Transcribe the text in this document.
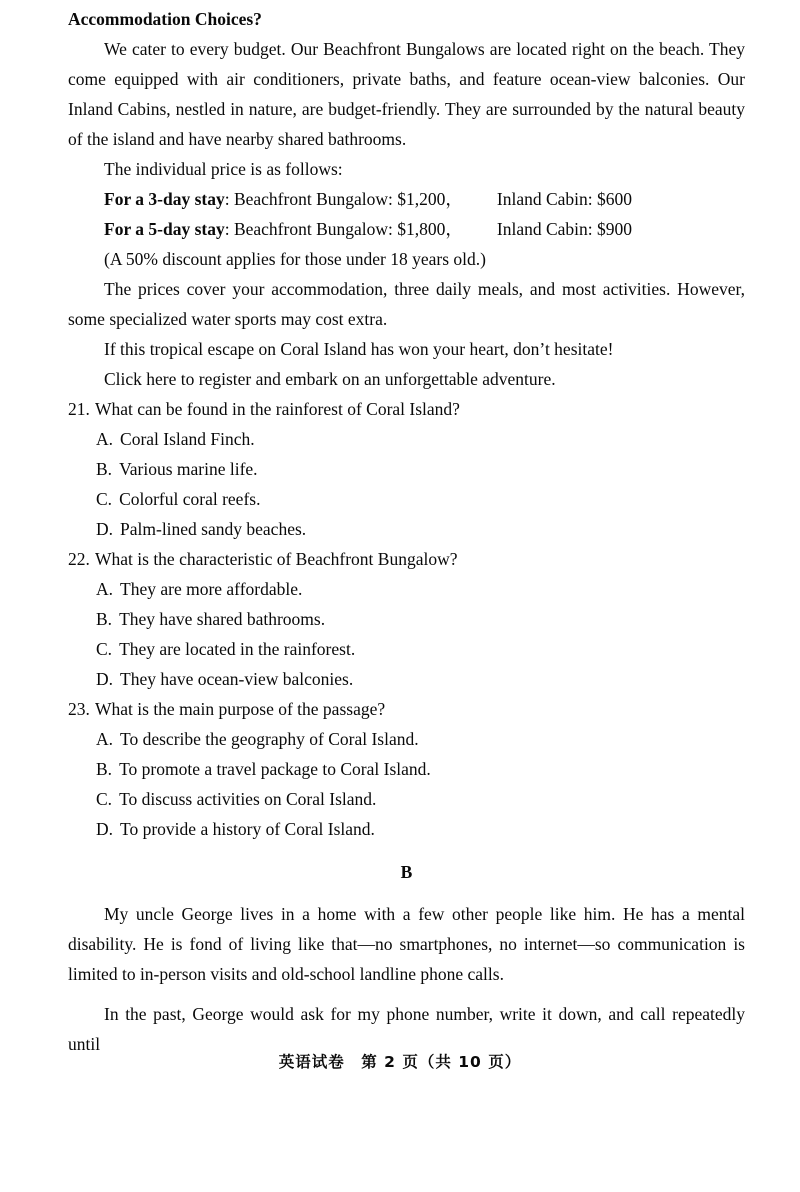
Accommodation Choices?

We cater to every budget. Our Beachfront Bungalows are located right on the beach. They come equipped with air conditioners, private baths, and feature ocean-view balconies. Our Inland Cabins, nestled in nature, are budget-friendly. They are surrounded by the natural beauty of the island and have nearby shared bathrooms.

The individual price is as follows:

For a 3-day stay: Beachfront Bungalow: $1,200， Inland Cabin: $600

For a 5-day stay: Beachfront Bungalow: $1,800， Inland Cabin: $900

(A 50% discount applies for those under 18 years old.)

The prices cover your accommodation, three daily meals, and most activities. However, some specialized water sports may cost extra.

If this tropical escape on Coral Island has won your heart, don’t hesitate!

Click here to register and embark on an unforgettable adventure.

21. What can be found in the rainforest of Coral Island?
A. Coral Island Finch.
B. Various marine life.
C. Colorful coral reefs.
D. Palm-lined sandy beaches.
22. What is the characteristic of Beachfront Bungalow?
A. They are more affordable.
B. They have shared bathrooms.
C. They are located in the rainforest.
D. They have ocean-view balconies.
23. What is the main purpose of the passage?
A. To describe the geography of Coral Island.
B. To promote a travel package to Coral Island.
C. To discuss activities on Coral Island.
D. To provide a history of Coral Island.
B

My uncle George lives in a home with a few other people like him. He has a mental disability. He is fond of living like that—no smartphones, no internet—so communication is limited to in-person visits and old-school landline phone calls.

In the past, George would ask for my phone number, write it down, and call repeatedly until

英语试卷　第 2 页（共 10 页）
